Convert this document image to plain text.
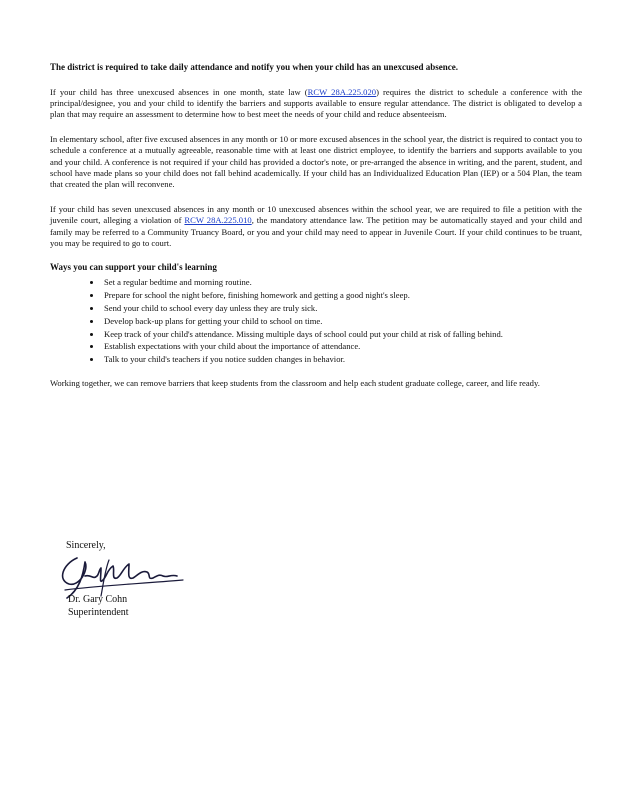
The district is required to take daily attendance and notify you when your child has an unexcused absence.

If your child has three unexcused absences in one month, state law (RCW 28A.225.020) requires the district to schedule a conference with the principal/designee, you and your child to identify the barriers and supports available to ensure regular attendance. The district is obligated to develop a plan that may require an assessment to determine how to best meet the needs of your child and reduce absenteeism.

In elementary school, after five excused absences in any month or 10 or more excused absences in the school year, the district is required to contact you to schedule a conference at a mutually agreeable, reasonable time with at least one district employee, to identify the barriers and supports available to you and your child. A conference is not required if your child has provided a doctor's note, or pre-arranged the absence in writing, and the parent, student, and school have made plans so your child does not fall behind academically. If your child has an Individualized Education Plan (IEP) or a 504 Plan, the team that created the plan will reconvene.

If your child has seven unexcused absences in any month or 10 unexcused absences within the school year, we are required to file a petition with the juvenile court, alleging a violation of RCW 28A.225.010, the mandatory attendance law. The petition may be automatically stayed and your child and family may be referred to a Community Truancy Board, or you and your child may need to appear in Juvenile Court. If your child continues to be truant, you may be required to go to court.

Ways you can support your child's learning

• Set a regular bedtime and morning routine.
• Prepare for school the night before, finishing homework and getting a good night's sleep.
• Send your child to school every day unless they are truly sick.
• Develop back-up plans for getting your child to school on time.
• Keep track of your child's attendance. Missing multiple days of school could put your child at risk of falling behind.
• Establish expectations with your child about the importance of attendance.
• Talk to your child's teachers if you notice sudden changes in behavior.

Working together, we can remove barriers that keep students from the classroom and help each student graduate college, career, and life ready.

Sincerely,
Dr. Gary Cohn
Superintendent
